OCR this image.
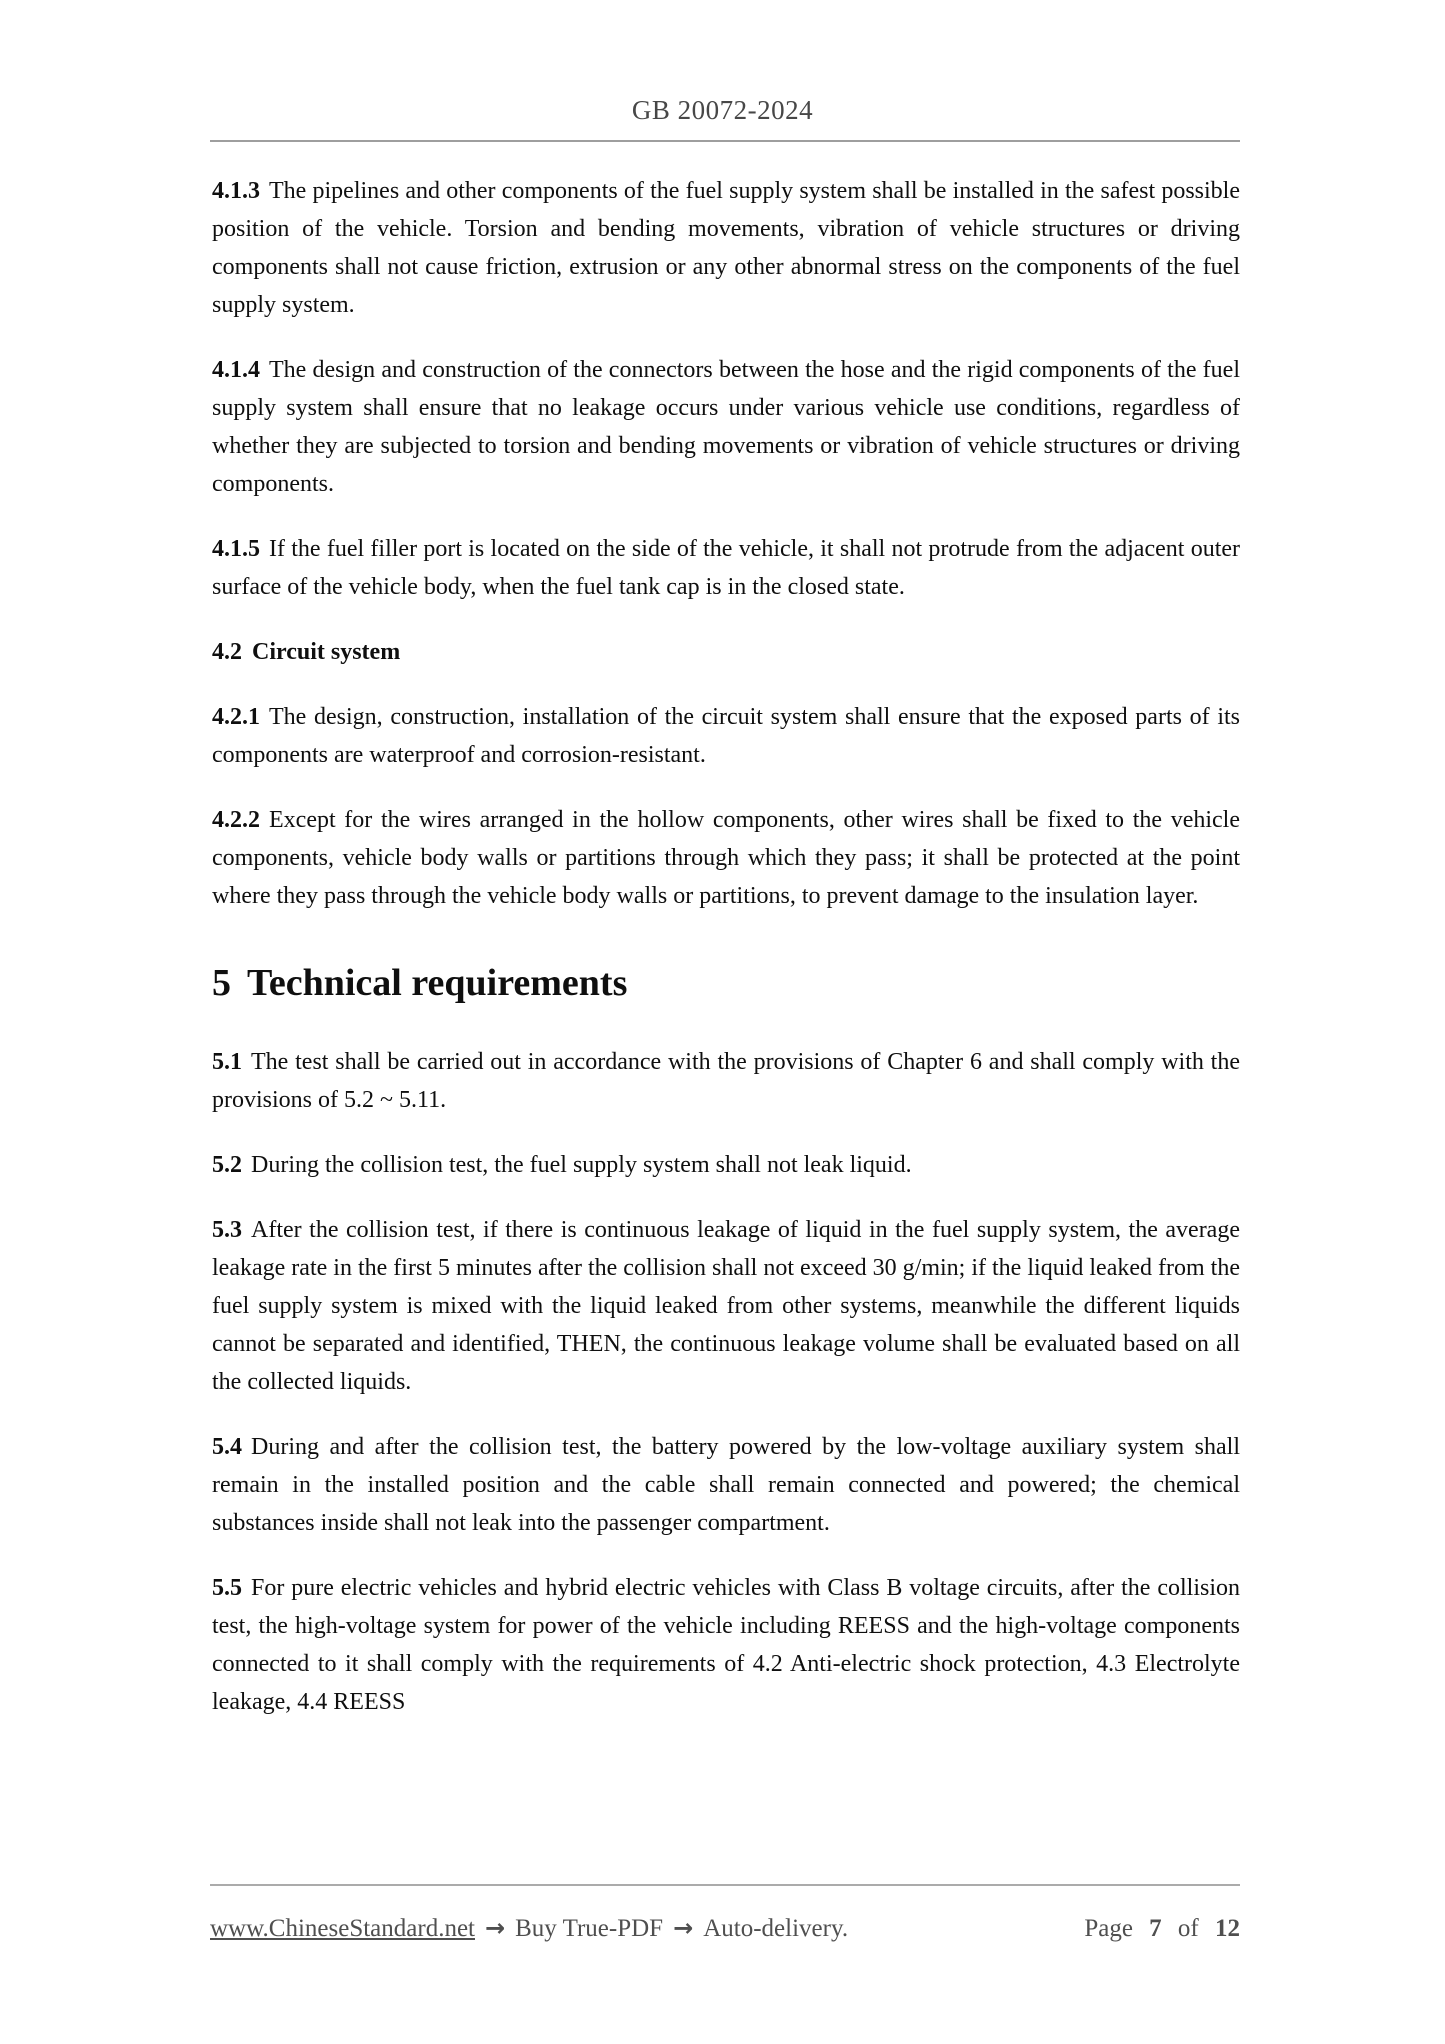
GB 20072-2024

4.1.3 The pipelines and other components of the fuel supply system shall be installed in the safest possible position of the vehicle. Torsion and bending movements, vibration of vehicle structures or driving components shall not cause friction, extrusion or any other abnormal stress on the components of the fuel supply system.

4.1.4 The design and construction of the connectors between the hose and the rigid components of the fuel supply system shall ensure that no leakage occurs under various vehicle use conditions, regardless of whether they are subjected to torsion and bending movements or vibration of vehicle structures or driving components.

4.1.5 If the fuel filler port is located on the side of the vehicle, it shall not protrude from the adjacent outer surface of the vehicle body, when the fuel tank cap is in the closed state.

4.2 Circuit system

4.2.1 The design, construction, installation of the circuit system shall ensure that the exposed parts of its components are waterproof and corrosion-resistant.

4.2.2 Except for the wires arranged in the hollow components, other wires shall be fixed to the vehicle components, vehicle body walls or partitions through which they pass; it shall be protected at the point where they pass through the vehicle body walls or partitions, to prevent damage to the insulation layer.

5 Technical requirements

5.1 The test shall be carried out in accordance with the provisions of Chapter 6 and shall comply with the provisions of 5.2 ~ 5.11.

5.2 During the collision test, the fuel supply system shall not leak liquid.

5.3 After the collision test, if there is continuous leakage of liquid in the fuel supply system, the average leakage rate in the first 5 minutes after the collision shall not exceed 30 g/min; if the liquid leaked from the fuel supply system is mixed with the liquid leaked from other systems, meanwhile the different liquids cannot be separated and identified, THEN, the continuous leakage volume shall be evaluated based on all the collected liquids.

5.4 During and after the collision test, the battery powered by the low-voltage auxiliary system shall remain in the installed position and the cable shall remain connected and powered; the chemical substances inside shall not leak into the passenger compartment.

5.5 For pure electric vehicles and hybrid electric vehicles with Class B voltage circuits, after the collision test, the high-voltage system for power of the vehicle including REESS and the high-voltage components connected to it shall comply with the requirements of 4.2 Anti-electric shock protection, 4.3 Electrolyte leakage, 4.4 REESS

www.ChineseStandard.net → Buy True-PDF → Auto-delivery.	Page 7 of 12
